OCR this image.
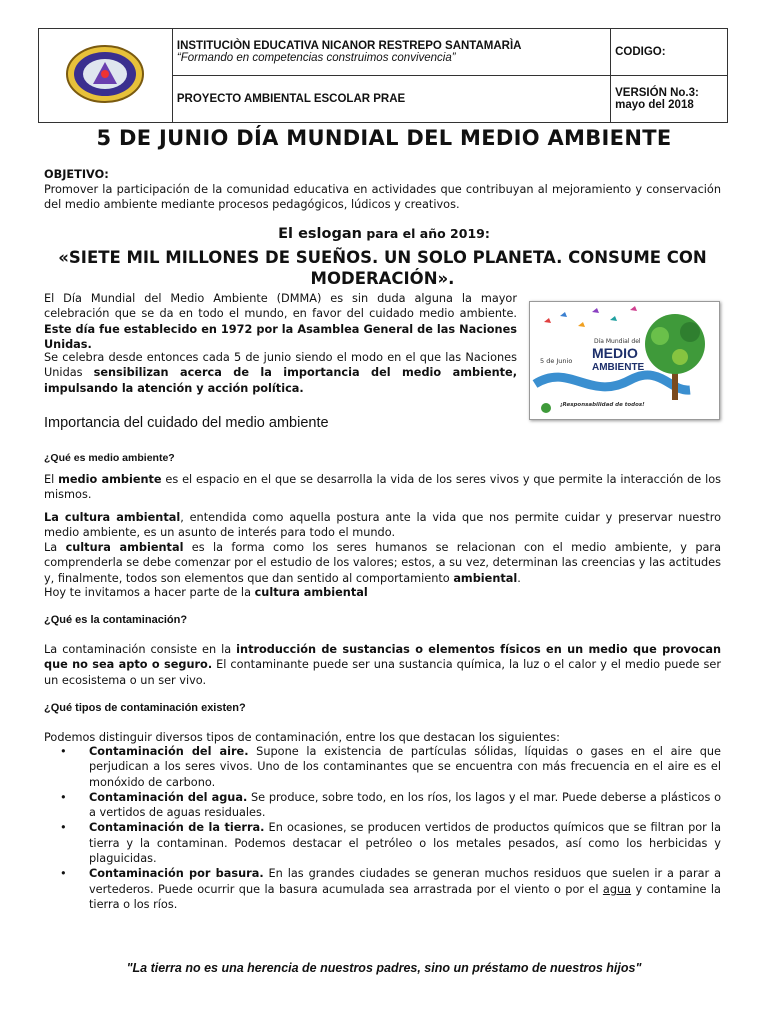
INSTITUCIÒN EDUCATIVA NICANOR RESTREPO SANTAMARÌA
“Formando en competencias construimos convivencia”	CODIGO:
	PROYECTO AMBIENTAL ESCOLAR PRAE	VERSIÓN No.3:
mayo del 2018
5 DE JUNIO DÍA MUNDIAL DEL MEDIO AMBIENTE

OBJETIVO:

Promover la participación de la comunidad educativa en actividades que contribuyan al mejoramiento y conservación del medio ambiente mediante procesos pedagógicos, lúdicos y creativos.

El eslogan para el año 2019:
«SIETE MIL MILLONES DE SUEÑOS. UN SOLO PLANETA. CONSUME CON MODERACIÓN».

El Día Mundial del Medio Ambiente (DMMA) es sin duda alguna la mayor celebración que se da en todo el mundo, en favor del cuidado medio ambiente. Este día fue establecido en 1972 por la Asamblea General de las Naciones Unidas.

Se celebra desde entonces cada 5 de junio siendo el modo en el que las Naciones Unidas sensibilizan acerca de la importancia del medio ambiente, impulsando la atención y acción política.

Día Mundial del
MEDIO
AMBIENTE
5 de Junio
¡Responsabilidad de todos!
Importancia del cuidado del medio ambiente
¿Qué es medio ambiente?

El medio ambiente es el espacio en el que se desarrolla la vida de los seres vivos y que permite la interacción de los mismos.

La cultura ambiental, entendida como aquella postura ante la vida que nos permite cuidar y preservar nuestro medio ambiente, es un asunto de interés para todo el mundo.

La cultura ambiental es la forma como los seres humanos se relacionan con el medio ambiente, y para comprenderla se debe comenzar por el estudio de los valores; estos, a su vez, determinan las creencias y las actitudes y, finalmente, todos son elementos que dan sentido al comportamiento ambiental.

Hoy te invitamos a hacer parte de la cultura ambiental

¿Qué es la contaminación?

La contaminación consiste en la introducción de sustancias o elementos físicos en un medio que provocan que no sea apto o seguro. El contaminante puede ser una sustancia química, la luz o el calor y el medio puede ser un ecosistema o un ser vivo.

¿Qué tipos de contaminación existen?

Podemos distinguir diversos tipos de contaminación, entre los que destacan los siguientes:

• Contaminación del aire. Supone la existencia de partículas sólidas, líquidas o gases en el aire que perjudican a los seres vivos. Uno de los contaminantes que se encuentra con más frecuencia en el aire es el monóxido de carbono.
• Contaminación del agua. Se produce, sobre todo, en los ríos, los lagos y el mar. Puede deberse a plásticos o a vertidos de aguas residuales.
• Contaminación de la tierra. En ocasiones, se producen vertidos de productos químicos que se filtran por la tierra y la contaminan. Podemos destacar el petróleo o los metales pesados, así como los herbicidas y plaguicidas.
• Contaminación por basura. En las grandes ciudades se generan muchos residuos que suelen ir a parar a vertederos. Puede ocurrir que la basura acumulada sea arrastrada por el viento o por el agua y contamine la tierra o los ríos.
"La tierra no es una herencia de nuestros padres, sino un préstamo de nuestros hijos"
